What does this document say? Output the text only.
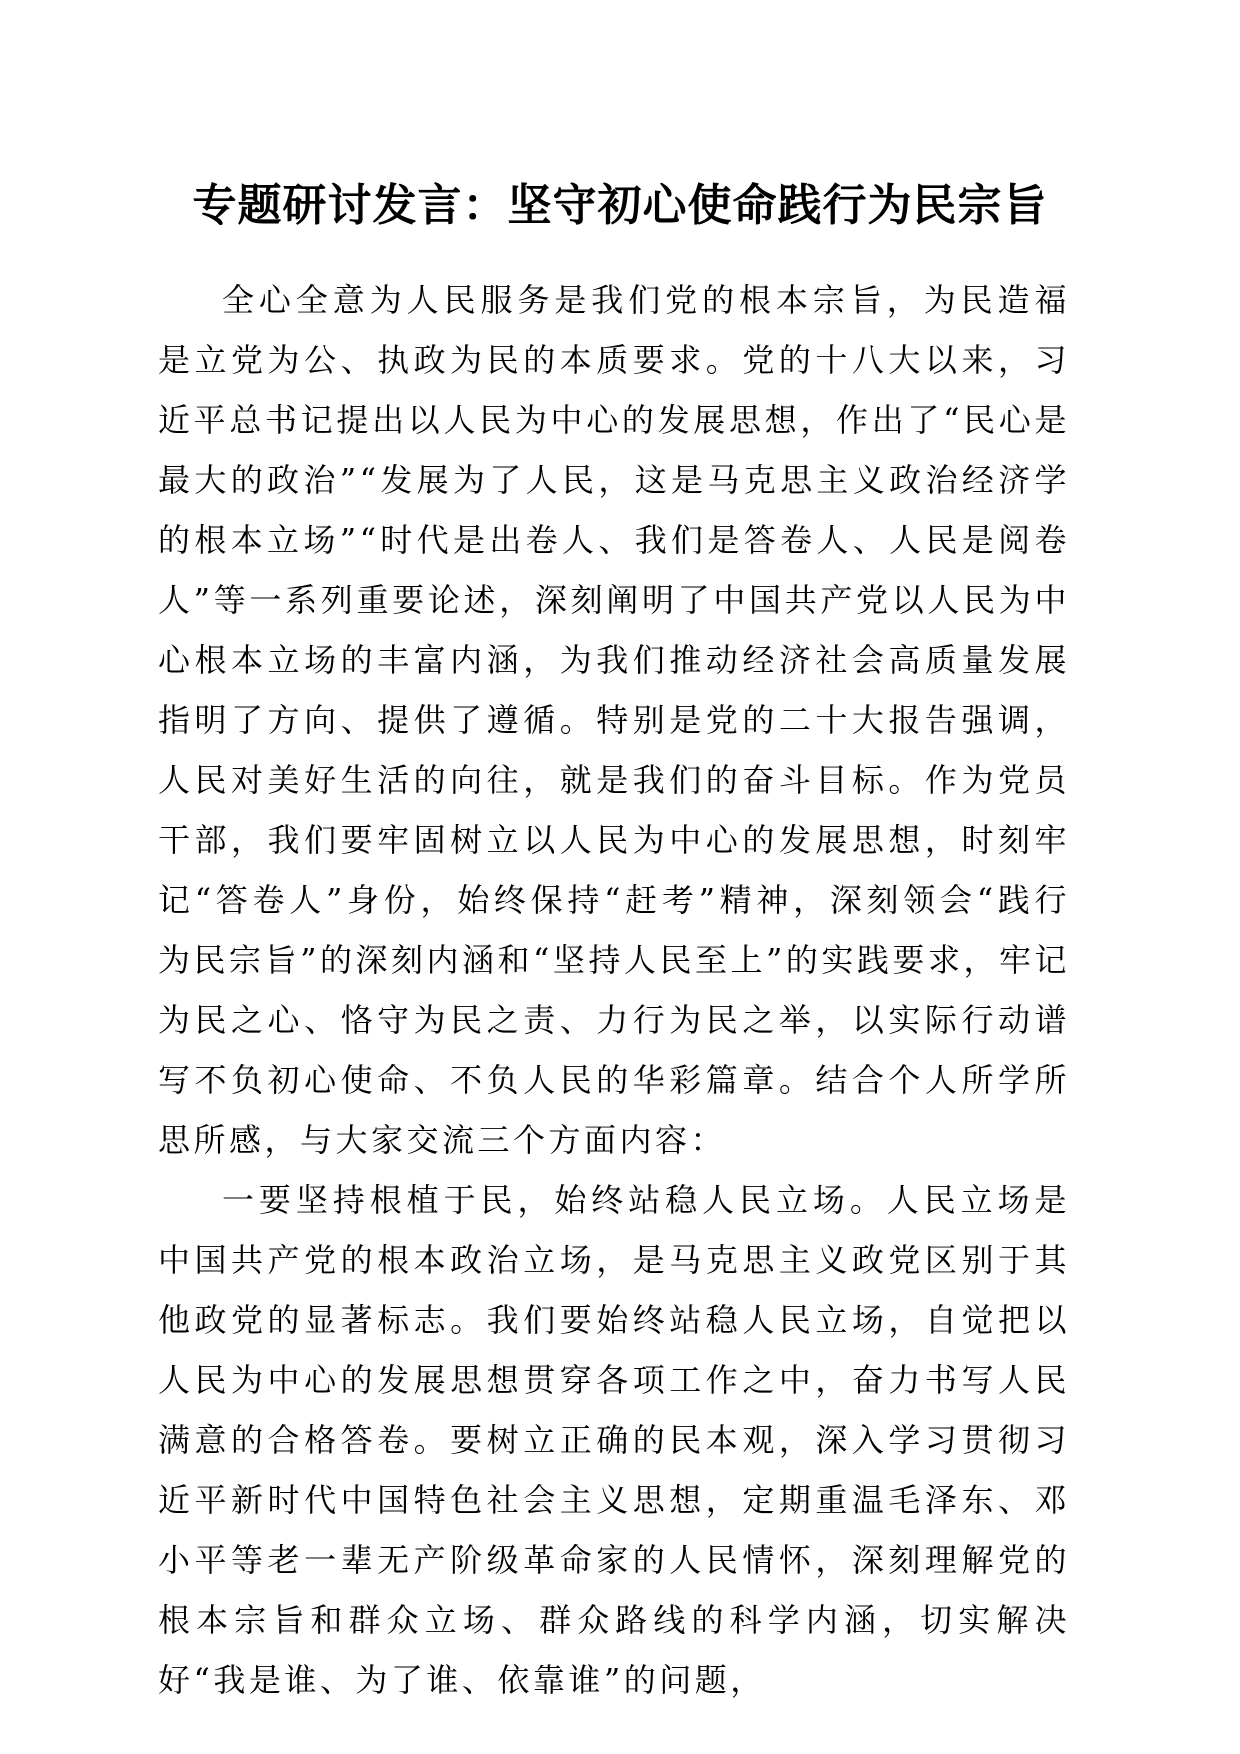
专题研讨发言：坚守初心使命践行为民宗旨

全心全意为人民服务是我们党的根本宗旨，为民造福是立党为公、执政为民的本质要求。党的十八大以来，习近平总书记提出以人民为中心的发展思想，作出了“民心是最大的政治”“发展为了人民，这是马克思主义政治经济学的根本立场”“时代是出卷人、我们是答卷人、人民是阅卷人”等一系列重要论述，深刻阐明了中国共产党以人民为中心根本立场的丰富内涵，为我们推动经济社会高质量发展指明了方向、提供了遵循。特别是党的二十大报告强调，人民对美好生活的向往，就是我们的奋斗目标。作为党员干部，我们要牢固树立以人民为中心的发展思想，时刻牢记“答卷人”身份，始终保持“赶考”精神，深刻领会“践行为民宗旨”的深刻内涵和“坚持人民至上”的实践要求，牢记为民之心、恪守为民之责、力行为民之举，以实际行动谱写不负初心使命、不负人民的华彩篇章。结合个人所学所思所感，与大家交流三个方面内容：

一要坚持根植于民，始终站稳人民立场。人民立场是中国共产党的根本政治立场，是马克思主义政党区别于其他政党的显著标志。我们要始终站稳人民立场，自觉把以人民为中心的发展思想贯穿各项工作之中，奋力书写人民满意的合格答卷。要树立正确的民本观，深入学习贯彻习近平新时代中国特色社会主义思想，定期重温毛泽东、邓小平等老一辈无产阶级革命家的人民情怀，深刻理解党的根本宗旨和群众立场、群众路线的科学内涵，切实解决好“我是谁、为了谁、依靠谁”的问题，
